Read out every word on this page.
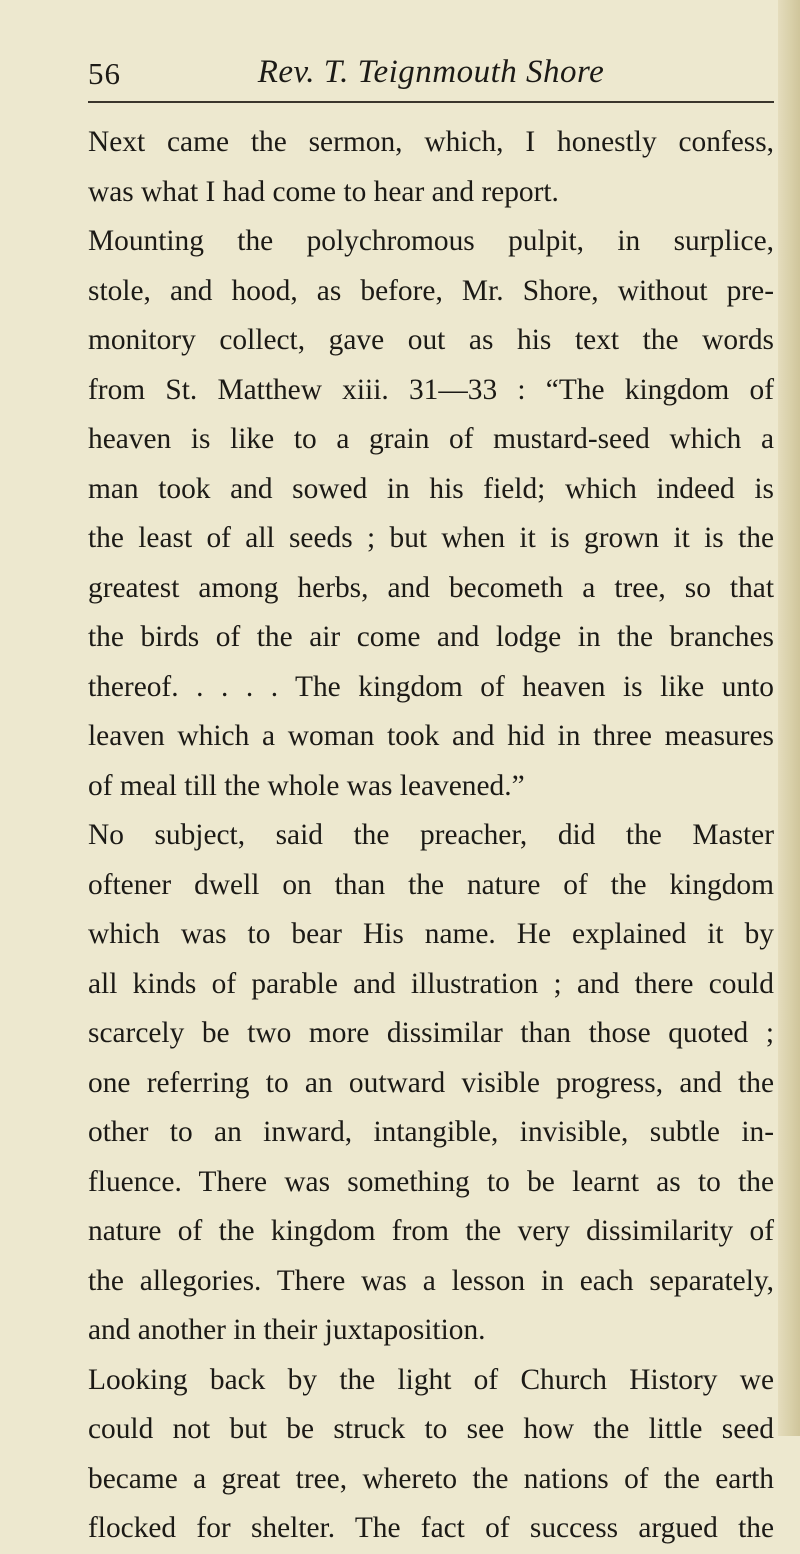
56	Rev. T. Teignmouth Shore
Next came the sermon, which, I honestly confess,
was what I had come to hear and report.
Mounting the polychromous pulpit, in surplice,
stole, and hood, as before, Mr. Shore, without pre-
monitory collect, gave out as his text the words
from St. Matthew xiii. 31—33 : “The kingdom of
heaven is like to a grain of mustard-seed which a
man took and sowed in his field; which indeed is
the least of all seeds ; but when it is grown it is the
greatest among herbs, and becometh a tree, so that
the birds of the air come and lodge in the branches
thereof. . . . . The kingdom of heaven is like unto
leaven which a woman took and hid in three measures
of meal till the whole was leavened.”
No subject, said the preacher, did the Master
oftener dwell on than the nature of the kingdom
which was to bear His name. He explained it by
all kinds of parable and illustration ; and there could
scarcely be two more dissimilar than those quoted ;
one referring to an outward visible progress, and the
other to an inward, intangible, invisible, subtle in-
fluence. There was something to be learnt as to the
nature of the kingdom from the very dissimilarity of
the allegories. There was a lesson in each separately,
and another in their juxtaposition.
Looking back by the light of Church History we
could not but be struck to see how the little seed
became a great tree, whereto the nations of the earth
flocked for shelter. The fact of success argued the
